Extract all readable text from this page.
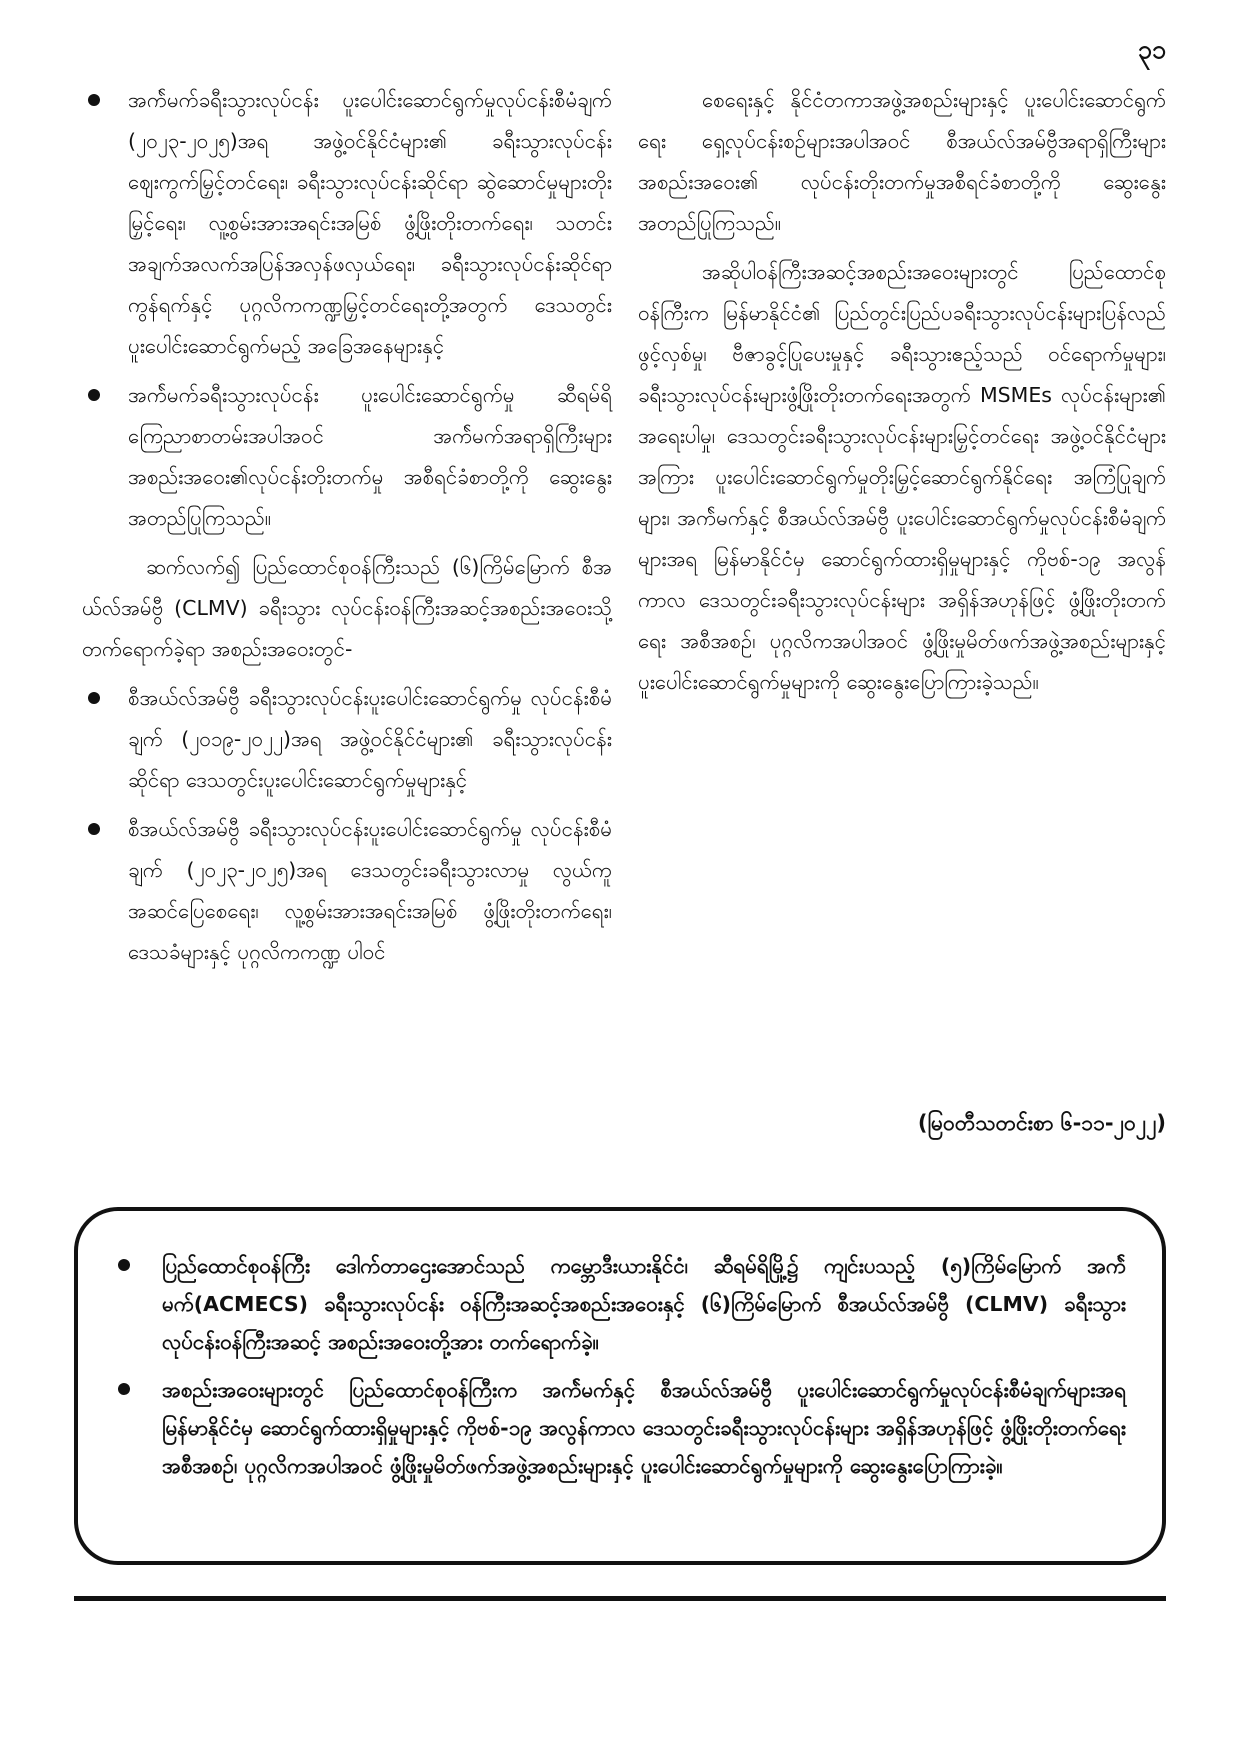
၃၁
အက်ဲမက်ခရီးသွားလုပ်ငန်း ပူးပေါင်းဆောင်ရွက်မှုလုပ်ငန်းစီမံချက် (၂၀၂၃-၂၀၂၅)အရ အဖွဲ့ဝင်နိုင်ငံများ၏ ခရီးသွားလုပ်ငန်း ဈေးကွက်မြှင့်တင်ရေး၊ ခရီးသွားလုပ်ငန်းဆိုင်ရာ ဆွဲဆောင်မှုများတိုးမြှင့်ရေး၊ လူ့စွမ်းအားအရင်းအမြစ် ဖွံ့ဖြိုးတိုးတက်ရေး၊ သတင်းအချက်အလက်အပြန်အလှန်ဖလှယ်ရေး၊ ခရီးသွားလုပ်ငန်းဆိုင်ရာကွန်ရက်နှင့် ပုဂ္ဂလိကကဏ္ဍမြှင့်တင်ရေးတို့အတွက် ဒေသတွင်းပူးပေါင်းဆောင်ရွက်မည့် အခြေအနေများနှင့်
အက်ဲမက်ခရီးသွားလုပ်ငန်း ပူးပေါင်းဆောင်ရွက်မှု ဆီရမ်ရိကြေညာစာတမ်းအပါအဝင် အက်ဲမက်အရာရှိကြီးများ အစည်းအဝေး၏လုပ်ငန်းတိုးတက်မှု အစီရင်ခံစာတို့ကို ဆွေးနွေးအတည်ပြုကြသည်။

ဆက်လက်၍ ပြည်ထောင်စုဝန်ကြီးသည် (၆)ကြိမ်မြောက် စီအယ်လ်အမ်ဗွီ (CLMV) ခရီးသွား လုပ်ငန်းဝန်ကြီးအဆင့်အစည်းအဝေးသို့ တက်ရောက်ခဲ့ရာ အစည်းအဝေးတွင်-

စီအယ်လ်အမ်ဗွီ ခရီးသွားလုပ်ငန်းပူးပေါင်းဆောင်ရွက်မှု လုပ်ငန်းစီမံချက် (၂၀၁၉-၂၀၂၂)အရ အဖွဲ့ဝင်နိုင်ငံများ၏ ခရီးသွားလုပ်ငန်းဆိုင်ရာ ဒေသတွင်းပူးပေါင်းဆောင်ရွက်မှုများနှင့်
စီအယ်လ်အမ်ဗွီ ခရီးသွားလုပ်ငန်းပူးပေါင်းဆောင်ရွက်မှု လုပ်ငန်းစီမံချက် (၂၀၂၃-၂၀၂၅)အရ ဒေသတွင်းခရီးသွားလာမှု လွယ်ကူအဆင်ပြေစေရေး၊ လူ့စွမ်းအားအရင်းအမြစ် ဖွံ့ဖြိုးတိုးတက်ရေး၊ ဒေသခံများနှင့် ပုဂ္ဂလိကကဏ္ဍ ပါဝင်

စေရေးနှင့် နိုင်ငံတကာအဖွဲ့အစည်းများနှင့် ပူးပေါင်းဆောင်ရွက်ရေး ရှေ့လုပ်ငန်းစဉ်များအပါအဝင် စီအယ်လ်အမ်ဗွီအရာရှိကြီးများ အစည်းအဝေး၏ လုပ်ငန်းတိုးတက်မှုအစီရင်ခံစာတို့ကို ဆွေးနွေးအတည်ပြုကြသည်။

အဆိုပါဝန်ကြီးအဆင့်အစည်းအဝေးများတွင် ပြည်ထောင်စုဝန်ကြီးက မြန်မာနိုင်ငံ၏ ပြည်တွင်းပြည်ပခရီးသွားလုပ်ငန်းများပြန်လည်ဖွင့်လှစ်မှု၊ ဗီဇာခွင့်ပြုပေးမှုနှင့် ခရီးသွားဧည့်သည် ဝင်ရောက်မှုများ၊ ခရီးသွားလုပ်ငန်းများဖွံ့ဖြိုးတိုးတက်ရေးအတွက် MSMEs လုပ်ငန်းများ၏ အရေးပါမှု၊ ဒေသတွင်းခရီးသွားလုပ်ငန်းများမြှင့်တင်ရေး အဖွဲ့ဝင်နိုင်ငံများအကြား ပူးပေါင်းဆောင်ရွက်မှုတိုးမြှင့်ဆောင်ရွက်နိုင်ရေး အကြံပြုချက်များ၊ အက်ဲမက်နှင့် စီအယ်လ်အမ်ဗွီ ပူးပေါင်းဆောင်ရွက်မှုလုပ်ငန်းစီမံချက်များအရ မြန်မာနိုင်ငံမှ ဆောင်ရွက်ထားရှိမှုများနှင့် ကိုဗစ်-၁၉ အလွန်ကာလ ဒေသတွင်းခရီးသွားလုပ်ငန်းများ အရှိန်အဟုန်ဖြင့် ဖွံ့ဖြိုးတိုးတက်ရေး အစီအစဉ်၊ ပုဂ္ဂလိကအပါအဝင် ဖွံ့ဖြိုးမှုမိတ်ဖက်အဖွဲ့အစည်းများနှင့် ပူးပေါင်းဆောင်ရွက်မှုများကို ဆွေးနွေးပြောကြားခဲ့သည်။

(မြဝတီသတင်းစာ ၆-၁၁-၂၀၂၂)
ပြည်ထောင်စုဝန်ကြီး ဒေါက်တာဌေးအောင်သည် ကမ္ဘောဒီးယားနိုင်ငံ၊ ဆီရမ်ရိမြို့၌ ကျင်းပသည့် (၅)ကြိမ်မြောက် အက်ဲမက်(ACMECS) ခရီးသွားလုပ်ငန်း ဝန်ကြီးအဆင့်အစည်းအဝေးနှင့် (၆)ကြိမ်မြောက် စီအယ်လ်အမ်ဗွီ (CLMV) ခရီးသွားလုပ်ငန်းဝန်ကြီးအဆင့် အစည်းအဝေးတို့အား တက်ရောက်ခဲ့။
အစည်းအဝေးများတွင် ပြည်ထောင်စုဝန်ကြီးက အက်ဲမက်နှင့် စီအယ်လ်အမ်ဗွီ ပူးပေါင်းဆောင်ရွက်မှုလုပ်ငန်းစီမံချက်များအရ မြန်မာနိုင်ငံမှ ဆောင်ရွက်ထားရှိမှုများနှင့် ကိုဗစ်-၁၉ အလွန်ကာလ ဒေသတွင်းခရီးသွားလုပ်ငန်းများ အရှိန်အဟုန်ဖြင့် ဖွံ့ဖြိုးတိုးတက်ရေး အစီအစဉ်၊ ပုဂ္ဂလိကအပါအဝင် ဖွံ့ဖြိုးမှုမိတ်ဖက်အဖွဲ့အစည်းများနှင့် ပူးပေါင်းဆောင်ရွက်မှုများကို ဆွေးနွေးပြောကြားခဲ့။
